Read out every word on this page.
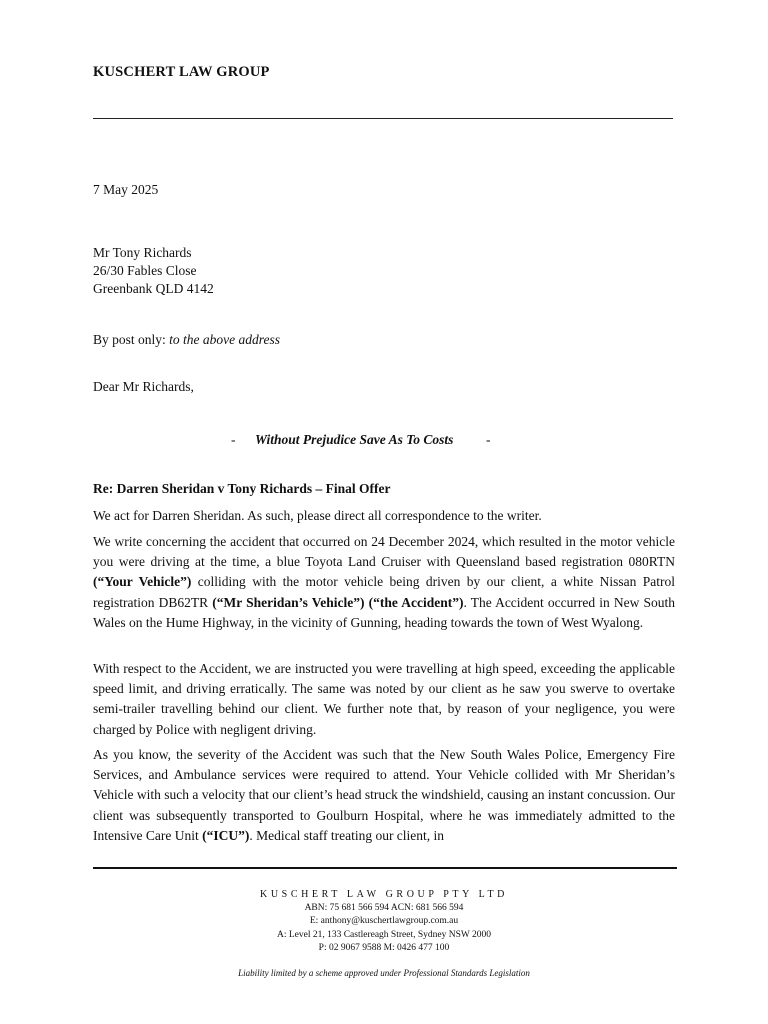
KUSCHERT LAW GROUP
7 May 2025
Mr Tony Richards
26/30 Fables Close
Greenbank QLD 4142
By post only: to the above address
Dear Mr Richards,
- Without Prejudice Save As To Costs -
Re: Darren Sheridan v Tony Richards – Final Offer
We act for Darren Sheridan. As such, please direct all correspondence to the writer.
We write concerning the accident that occurred on 24 December 2024, which resulted in the motor vehicle you were driving at the time, a blue Toyota Land Cruiser with Queensland based registration 080RTN (“Your Vehicle”) colliding with the motor vehicle being driven by our client, a white Nissan Patrol registration DB62TR (“Mr Sheridan’s Vehicle”) (“the Accident”). The Accident occurred in New South Wales on the Hume Highway, in the vicinity of Gunning, heading towards the town of West Wyalong.
With respect to the Accident, we are instructed you were travelling at high speed, exceeding the applicable speed limit, and driving erratically. The same was noted by our client as he saw you swerve to overtake semi-trailer travelling behind our client. We further note that, by reason of your negligence, you were charged by Police with negligent driving.
As you know, the severity of the Accident was such that the New South Wales Police, Emergency Fire Services, and Ambulance services were required to attend. Your Vehicle collided with Mr Sheridan’s Vehicle with such a velocity that our client’s head struck the windshield, causing an instant concussion. Our client was subsequently transported to Goulburn Hospital, where he was immediately admitted to the Intensive Care Unit (“ICU”). Medical staff treating our client, in
KUSCHERT LAW GROUP PTY LTD
ABN: 75 681 566 594 ACN: 681 566 594
E: anthony@kuschertlawgroup.com.au
A: Level 21, 133 Castlereagh Street, Sydney NSW 2000
P: 02 9067 9588 M: 0426 477 100
Liability limited by a scheme approved under Professional Standards Legislation
